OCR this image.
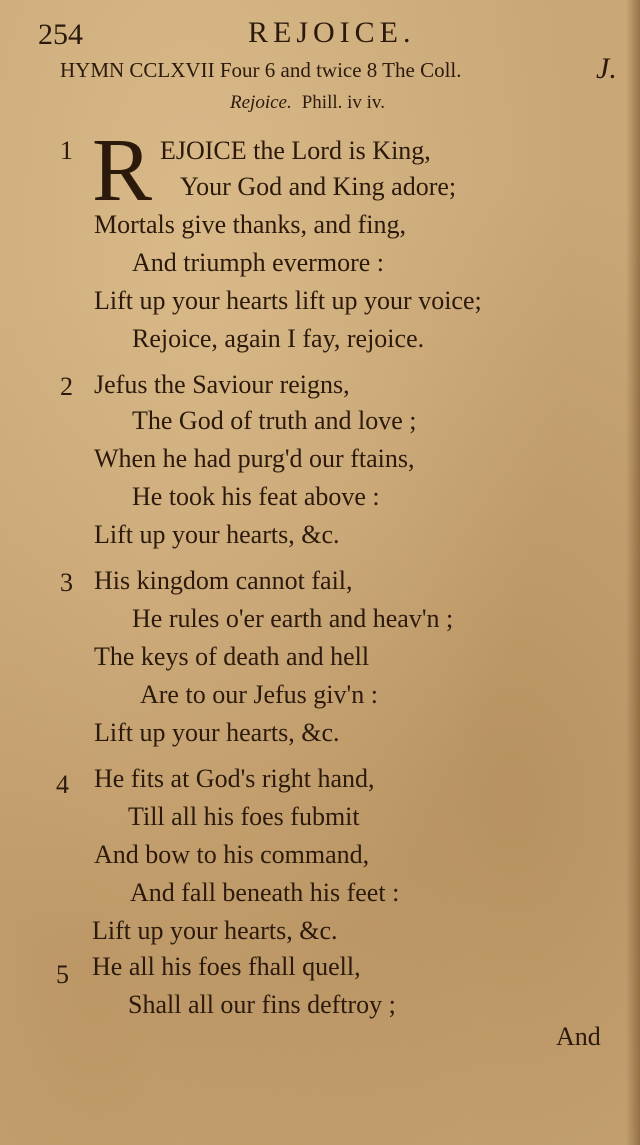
254	REJOICE.
HYMN CCLXVII Four 6 and twice 8 The Coll.	J.
Rejoice. Phill. iv iv.
1 R EJOICE the Lord is King,
Your God and King adore;
Mortals give thanks, and fing,
And triumph evermore :
Lift up your hearts lift up your voice;
Rejoice, again I fay, rejoice.
2 Jefus the Saviour reigns,
The God of truth and love ;
When he had purg'd our ftains,
He took his feat above :
Lift up your hearts, &c.
3 His kingdom cannot fail,
He rules o'er earth and heav'n ;
The keys of death and hell
Are to our Jefus giv'n :
Lift up your hearts, &c.
4 He fits at God's right hand,
Till all his foes fubmit
And bow to his command,
And fall beneath his feet :
Lift up your hearts, &c.
5 He all his foes fhall quell,
Shall all our fins deftroy ;
And
